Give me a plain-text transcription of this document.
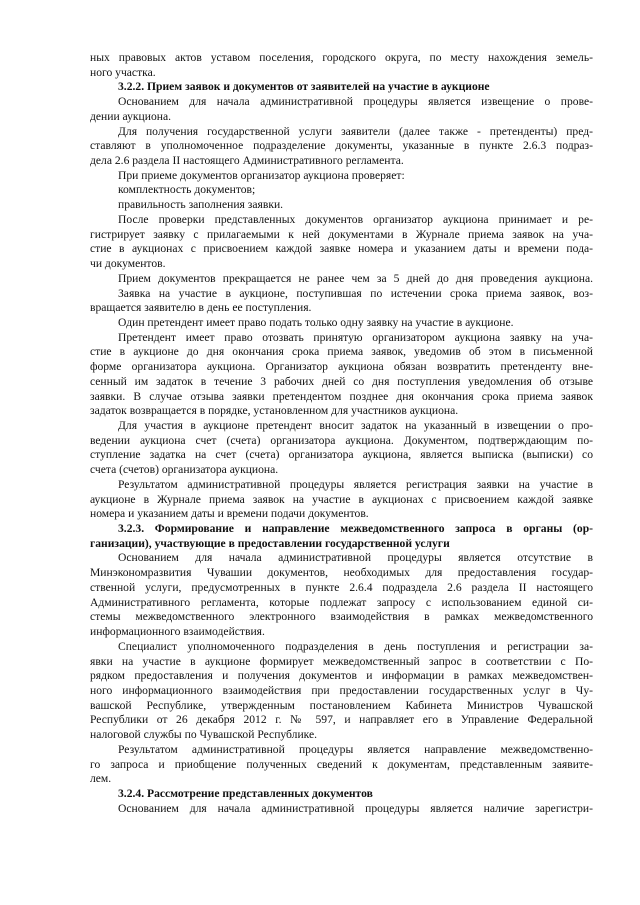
ных правовых актов уставом поселения, городского округа, по месту нахождения земель-
ного участка.
3.2.2. Прием заявок и документов от заявителей на участие в аукционе
Основанием для начала административной процедуры является извещение о прове-
дении аукциона.
Для получения государственной услуги заявители (далее также - претенденты) пред-
ставляют в уполномоченное подразделение документы, указанные в пункте 2.6.3 подраз-
дела 2.6 раздела II настоящего Административного регламента.
При приеме документов организатор аукциона проверяет:
комплектность документов;
правильность заполнения заявки.
После проверки представленных документов организатор аукциона принимает и ре-
гистрирует заявку с прилагаемыми к ней документами в Журнале приема заявок на уча-
стие в аукционах с присвоением каждой заявке номера и указанием даты и времени пода-
чи документов.
Прием документов прекращается не ранее чем за 5 дней до дня проведения аукциона.
Заявка на участие в аукционе, поступившая по истечении срока приема заявок, воз-
вращается заявителю в день ее поступления.
Один претендент имеет право подать только одну заявку на участие в аукционе.
Претендент имеет право отозвать принятую организатором аукциона заявку на уча-
стие в аукционе до дня окончания срока приема заявок, уведомив об этом в письменной
форме организатора аукциона. Организатор аукциона обязан возвратить претенденту вне-
сенный им задаток в течение 3 рабочих дней со дня поступления уведомления об отзыве
заявки. В случае отзыва заявки претендентом позднее дня окончания срока приема заявок
задаток возвращается в порядке, установленном для участников аукциона.
Для участия в аукционе претендент вносит задаток на указанный в извещении о про-
ведении аукциона счет (счета) организатора аукциона. Документом, подтверждающим по-
ступление задатка на счет (счета) организатора аукциона, является выписка (выписки) со
счета (счетов) организатора аукциона.
Результатом административной процедуры является регистрация заявки на участие в
аукционе в Журнале приема заявок на участие в аукционах с присвоением каждой заявке
номера и указанием даты и времени подачи документов.
3.2.3. Формирование и направление межведомственного запроса в органы (ор-
ганизации), участвующие в предоставлении государственной услуги
Основанием для начала административной процедуры является отсутствие в
Минэкономразвития Чувашии документов, необходимых для предоставления государ-
ственной услуги, предусмотренных в пункте 2.6.4 подраздела 2.6 раздела II настоящего
Административного регламента, которые подлежат запросу с использованием единой си-
стемы межведомственного электронного взаимодействия в рамках межведомственного
информационного взаимодействия.
Специалист уполномоченного подразделения в день поступления и регистрации за-
явки на участие в аукционе формирует межведомственный запрос в соответствии с По-
рядком предоставления и получения документов и информации в рамках межведомствен-
ного информационного взаимодействия при предоставлении государственных услуг в Чу-
вашской Республике, утвержденным постановлением Кабинета Министров Чувашской
Республики от 26 декабря 2012 г. № 597, и направляет его в Управление Федеральной
налоговой службы по Чувашской Республике.
Результатом административной процедуры является направление межведомственно-
го запроса и приобщение полученных сведений к документам, представленным заявите-
лем.
3.2.4. Рассмотрение представленных документов
Основанием для начала административной процедуры является наличие зарегистри-
